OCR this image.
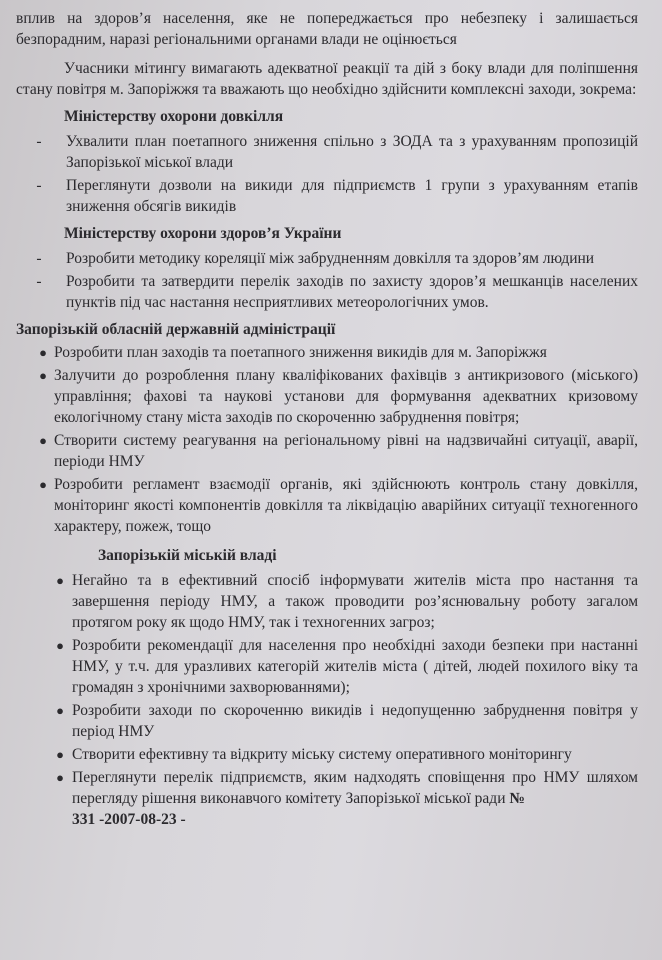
вплив на здоров’я населення, яке не попереджається про небезпеку і залишається

безпорадним, наразі регіональними органами влади не оцінюється

Учасники мітингу вимагають адекватної реакції та дій з боку влади для поліпшення стану повітря м. Запоріжжя та вважають що необхідно здійснити комплексні заходи, зокрема:

Міністерству охорони довкілля

-	Ухвалити план поетапного зниження спільно з ЗОДА та з урахуванням пропозицій Запорізької міської влади
-	Переглянути дозволи на викиди для підприємств 1 групи з урахуванням етапів зниження обсягів викидів

Міністерству охорони здоров’я України

-	Розробити методику кореляції між забрудненням довкілля та здоров’ям людини
-	Розробити та затвердити перелік заходів по захисту здоров’я мешканців населених пунктів під час настання несприятливих метеорологічних умов.

Запорізькій обласній державній адміністрації

● Розробити план заходів та поетапного зниження викидів для м. Запоріжжя
● Залучити до розроблення плану кваліфікованих фахівців з антикризового (міського) управління; фахові та наукові установи для формування адекватних кризовому екологічному стану міста заходів по скороченню забруднення повітря;
● Створити систему реагування на регіональному рівні на надзвичайні ситуації, аварії, періоди НМУ
● Розробити регламент взаємодії органів, які здійснюють контроль стану довкілля, моніторинг якості компонентів довкілля та ліквідацію аварійних ситуації техногенного характеру, пожеж, тощо

Запорізькій міській владі

● Негайно та в ефективний спосіб інформувати жителів міста про настання та завершення періоду НМУ, а також проводити роз’яснювальну роботу загалом протягом року як щодо НМУ, так і техногенних загроз;
● Розробити рекомендації для населення про необхідні заходи безпеки при настанні НМУ, у т.ч. для уразливих категорій жителів міста ( дітей, людей похилого віку та громадян з хронічними захворюваннями);
● Розробити заходи по скороченню викидів і недопущенню забруднення повітря у період НМУ
● Створити ефективну та відкриту міську систему оперативного моніторингу
● Переглянути перелік підприємств, яким надходять сповіщення про НМУ шляхом перегляду рішення виконавчого комітету Запорізької міської ради №
331 -2007-08-23 -
